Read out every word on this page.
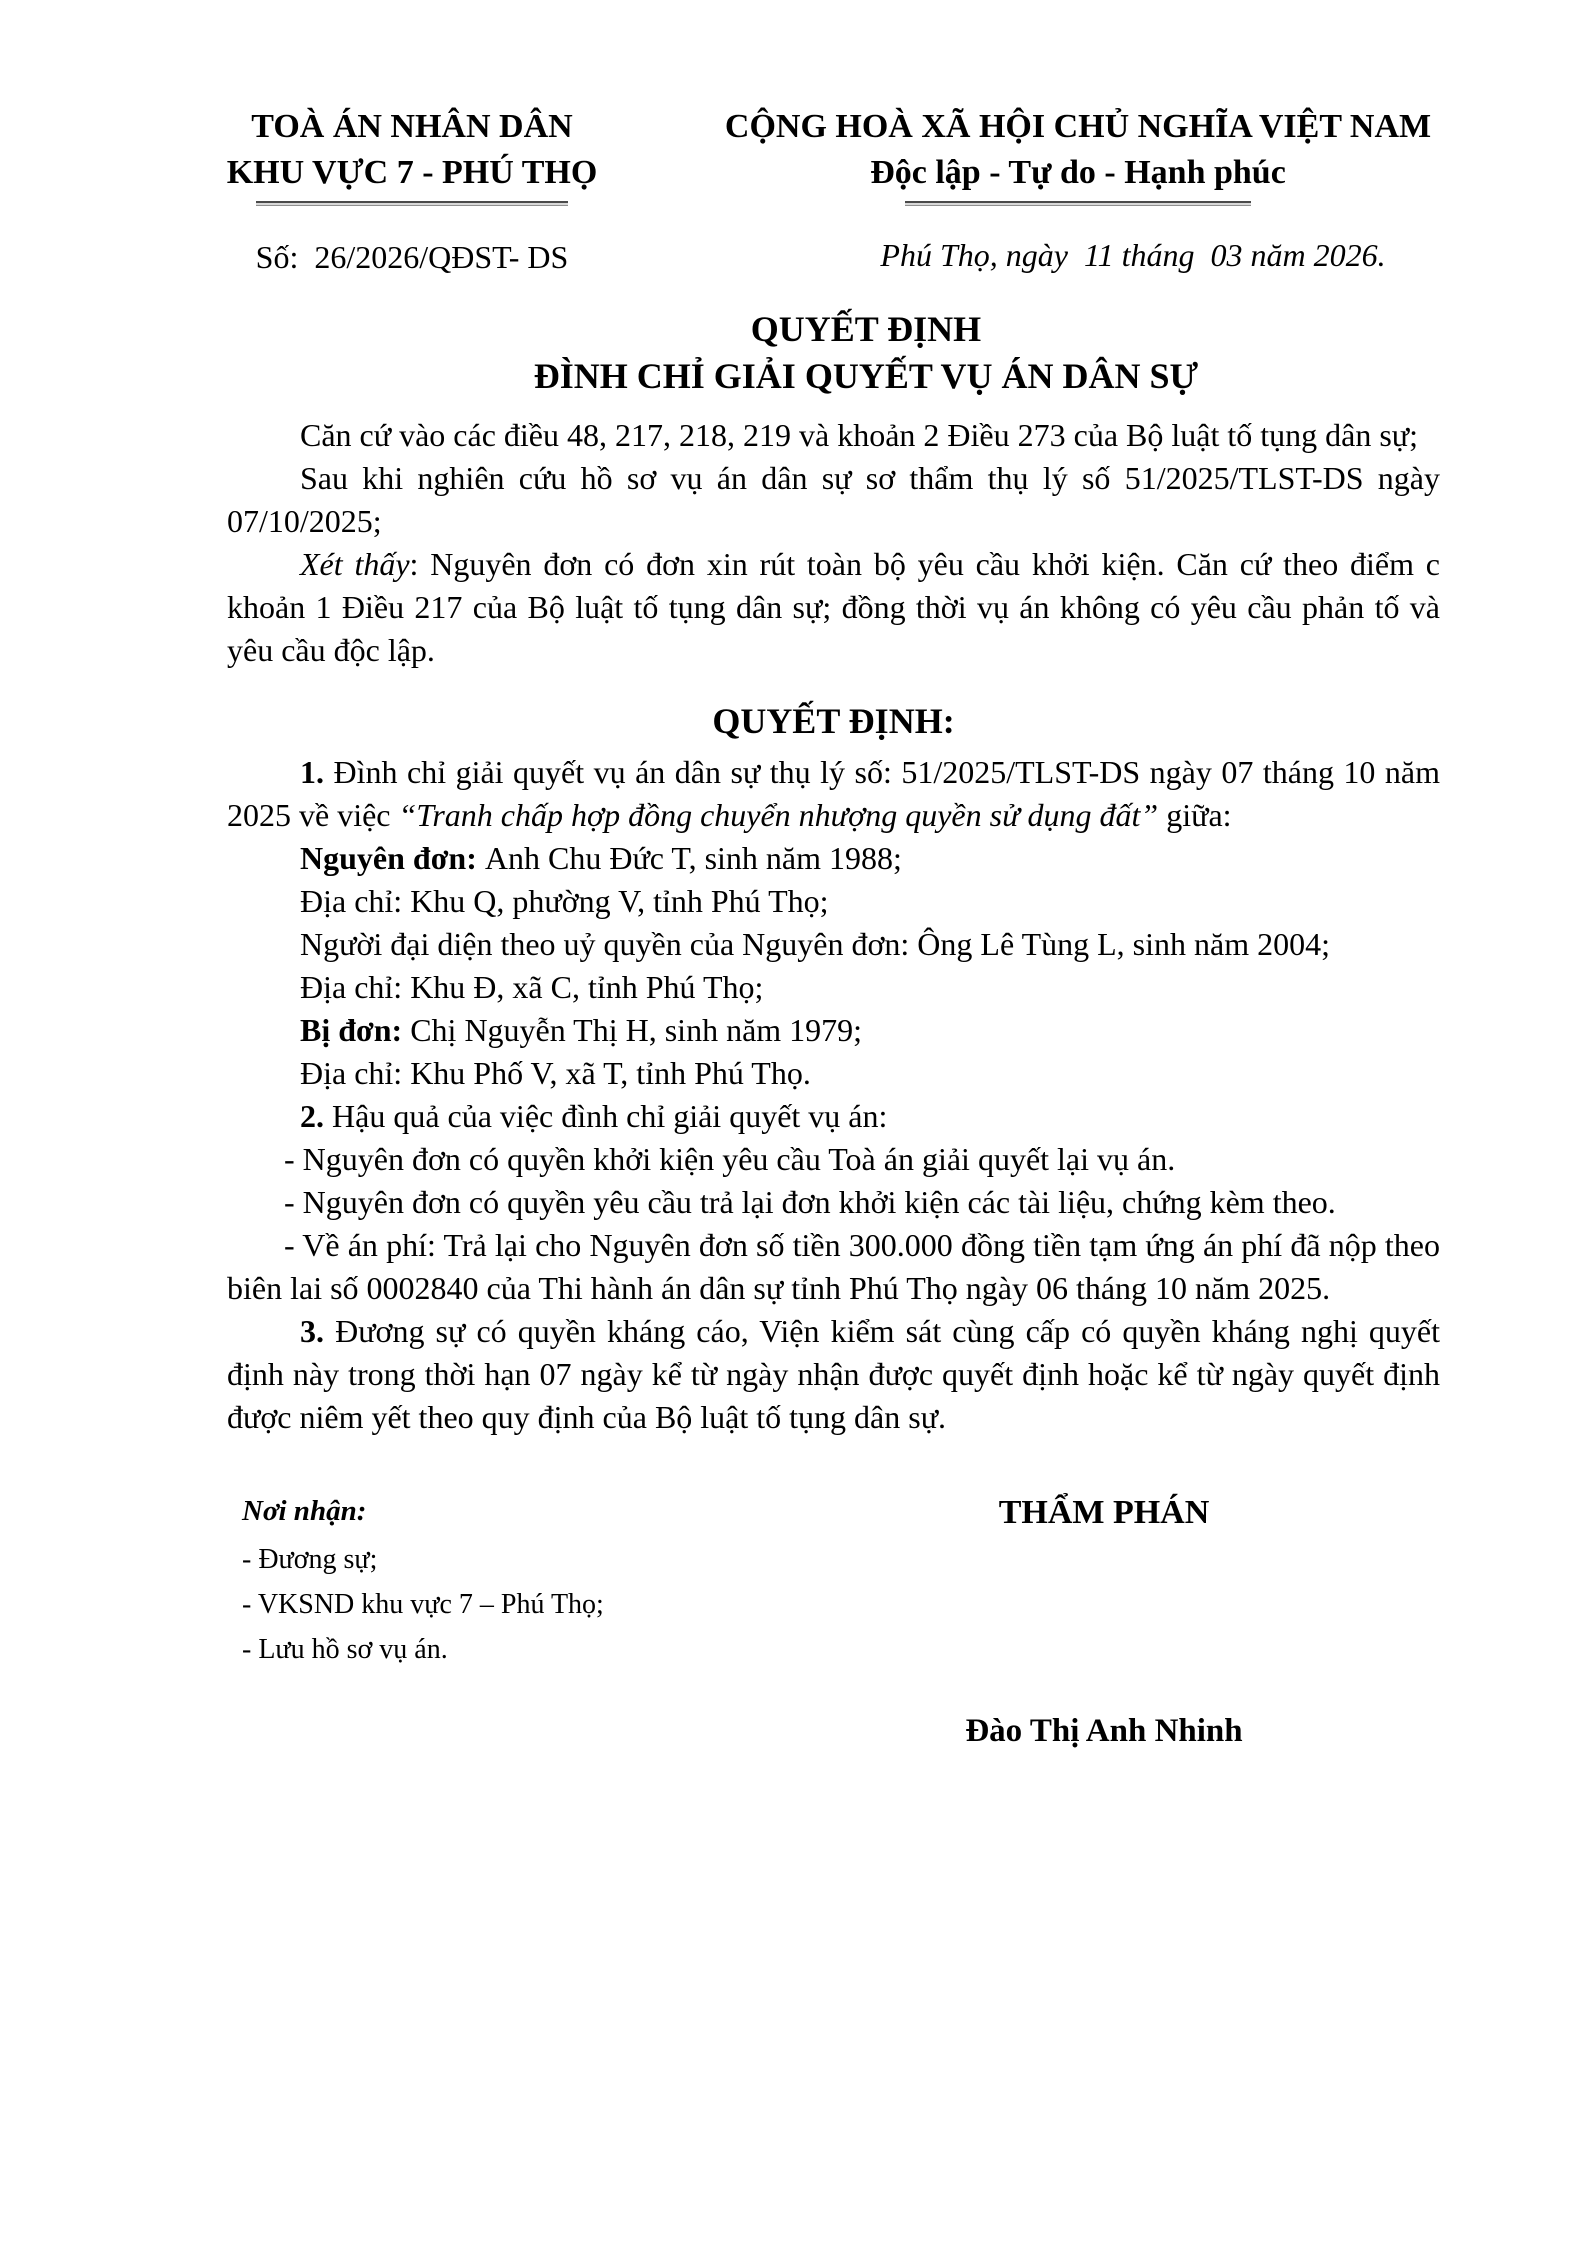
TOÀ ÁN NHÂN DÂN
KHU VỰC 7 - PHÚ THỌ
Số:  26/2026/QĐST- DS
CỘNG HOÀ XÃ HỘI CHỦ NGHĨA VIỆT NAM
Độc lập - Tự do - Hạnh phúc
Phú Thọ, ngày  11 tháng  03 năm 2026.
QUYẾT ĐỊNH
ĐÌNH CHỈ GIẢI QUYẾT VỤ ÁN DÂN SỰ

Căn cứ vào các điều 48, 217, 218, 219 và khoản 2 Điều 273 của Bộ luật tố tụng dân sự;

Sau khi nghiên cứu hồ sơ vụ án dân sự sơ thẩm thụ lý số 51/2025/TLST-DS ngày 07/10/2025;

Xét thấy: Nguyên đơn có đơn xin rút toàn bộ yêu cầu khởi kiện. Căn cứ theo điểm c khoản 1 Điều 217 của Bộ luật tố tụng dân sự; đồng thời vụ án không có yêu cầu phản tố và yêu cầu độc lập.

QUYẾT ĐỊNH:

1. Đình chỉ giải quyết vụ án dân sự thụ lý số: 51/2025/TLST-DS ngày 07 tháng 10 năm 2025 về việc “Tranh chấp hợp đồng chuyển nhượng quyền sử dụng đất” giữa:

Nguyên đơn: Anh Chu Đức T, sinh năm 1988;

Địa chỉ: Khu Q, phường V, tỉnh Phú Thọ;

Người đại diện theo uỷ quyền của Nguyên đơn: Ông Lê Tùng L, sinh năm 2004;

Địa chỉ: Khu Đ, xã C, tỉnh Phú Thọ;

Bị đơn: Chị Nguyễn Thị H, sinh năm 1979;

Địa chỉ: Khu Phố V, xã T, tỉnh Phú Thọ.

2. Hậu quả của việc đình chỉ giải quyết vụ án:

- Nguyên đơn có quyền khởi kiện yêu cầu Toà án giải quyết lại vụ án.

- Nguyên đơn có quyền yêu cầu trả lại đơn khởi kiện các tài liệu, chứng kèm theo.

- Về án phí: Trả lại cho Nguyên đơn số tiền 300.000 đồng tiền tạm ứng án phí đã nộp theo biên lai số 0002840 của Thi hành án dân sự tỉnh Phú Thọ ngày 06 tháng 10 năm 2025.

3. Đương sự có quyền kháng cáo, Viện kiểm sát cùng cấp có quyền kháng nghị quyết định này trong thời hạn 07 ngày kể từ ngày nhận được quyết định hoặc kể từ ngày quyết định được niêm yết theo quy định của Bộ luật tố tụng dân sự.

Nơi nhận:
- Đương sự;
- VKSND khu vực 7 – Phú Thọ;
- Lưu hồ sơ vụ án.
THẨM PHÁN
Đào Thị Anh Nhinh
